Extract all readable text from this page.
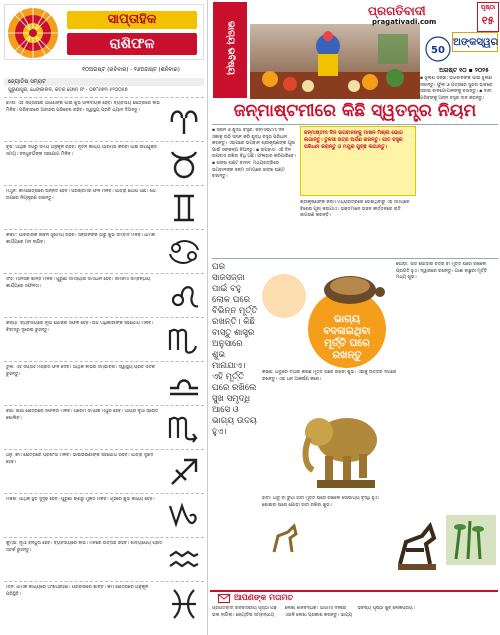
ସାପ୍ତାହିକ
ରାଶିଫଳ
୧୦ଅଗଷ୍ଟ (ରବିବାର) - ୧୬ଅଗଷ୍ଟ (ଶନିବାର)
ଜ୍ୟୋତିଷ ସମ୍ରାଟ
ପୁରୁଣାପୁର, ଧେଙ୍କାନାଳ, କଟକ ଫୋନ୍ ନଂ - ୦୭୮୫୭୩ ୫୨୦୦୫୭
ମେଷ: ଏହି ସପ୍ତାହରେ ଆପଣଙ୍କ ପାଇଁ ଶୁଭ ଫଳଦାୟକ ହେବ। ବ୍ୟବସାୟ କ୍ଷେତ୍ରରେ ଲାଭ ମିଳିବ। ପରିବାରରେ ଆନନ୍ଦର ପରିବେଶ ରହିବ। ସ୍ୱାସ୍ଥ୍ୟ ପ୍ରତି ଧ୍ୟାନ ଦିଅନ୍ତୁ।
ବୃଷ: ଆର୍ଥିକ ଦିଗରୁ ସମୟ ଅନୁକୂଳ ରହିବ। ନୂତନ କାର୍ଯ୍ୟ ଆରମ୍ଭ କରିବା ପାଇଁ ଉପଯୁକ୍ତ ସମୟ। ବନ୍ଧୁବର୍ଗଙ୍କ ସହଯୋଗ ମିଳିବ।
ମିଥୁନ: କର୍ମକ୍ଷେତ୍ରରେ ଉନ୍ନତି ହେବ। ପରିଶ୍ରମର ଫଳ ମିଳିବ। ଯାତ୍ରା ଯୋଗ ଅଛି। ଖର୍ଚ୍ଚ ଉପରେ ନିୟନ୍ତ୍ରଣ ରଖନ୍ତୁ।
କର୍କଟ: ପାରିବାରିକ ଜୀବନ ସୁଖମୟ ରହିବ। ସନ୍ତାନଙ୍କ ଠାରୁ ଶୁଭ ସମ୍ବାଦ ମିଳିବ। ଧାର୍ମିକ କାର୍ଯ୍ୟରେ ମନ ଲାଗିବ।
ସିଂହ: ମାନସିକ ଶାନ୍ତି ମିଳିବ। ପୁରୁଣା ସମସ୍ୟାର ସମାଧାନ ହେବ। ଜମିଜମା ସମ୍ବନ୍ଧୀୟ କାର୍ଯ୍ୟରେ ସଫଳତା।
କନ୍ୟା: ବ୍ୟବସାୟରେ ନୂଆ ଯୋଜନା ସଫଳ ହେବ। ଉଚ୍ଚ ଅଧିକାରୀଙ୍କ ସହଯୋଗ ମିଳିବ। ବିବାଦରୁ ଦୂରେଇ ରୁହନ୍ତୁ।
ତୁଳା: ଏହି ସପ୍ତାହ ମିଶ୍ରିତ ଫଳ ଦେବ। ଆର୍ଥିକ ଲାଭର ସମ୍ଭାବନା। ସ୍ୱାସ୍ଥ୍ୟ ପ୍ରତି ସତର୍କ ରୁହନ୍ତୁ।
ବିଛା: ଶିକ୍ଷା କ୍ଷେତ୍ରରେ ସଫଳତା ମିଳିବ। ପ୍ରେମ ସମ୍ପର୍କ ମଧୁର ହେବ। ଆୟର ନୂଆ ସ୍ରୋତ ଖୋଲିବ।
ଧନୁ: କର୍ମ କ୍ଷେତ୍ରରେ ପ୍ରଶଂସା ମିଳିବ। ଭାଇଭଉଣୀଙ୍କ ସହଯୋଗ ରହିବ। ଯାତ୍ରା ସୁଖଦ ହେବ।
ମକର: ଆର୍ଥିକ ସ୍ଥିତି ସୁଦୃଢ଼ ହେବ। ପୁରୁଣା ଋଣରୁ ମୁକ୍ତି ମିଳିବ। ଗୃହରେ ଶୁଭ କାର୍ଯ୍ୟ ହେବ।
କୁମ୍ଭ: ନୂଆ ବନ୍ଧୁତା ହେବ। ବ୍ୟବସାୟରେ ଲାଭ। ମନରେ ଉତ୍ସାହ ରହିବ। ଖାଦ୍ୟପେୟ ପ୍ରତି ସତର୍କ ରୁହନ୍ତୁ।
ମୀନ: ଧାର୍ମିକ କାର୍ଯ୍ୟରେ ଅଂଶଗ୍ରହଣ। ପରିବାରରେ ଶାନ୍ତି। କର୍ମ କ୍ଷେତ୍ରରେ ଅନୁକୂଳ ପରିସ୍ଥିତି।
ଭାଗ୍ୟ ଭବିଷ୍ୟ
ପ୍ରଗତିବାଦୀ
pragativadi.com
ପୃଷ୍ଠା
୧୫
50
ଅଙ୍କସ୍ୱର
ଅଗଷ୍ଟ ୧୦ ▪ ୨୦୨୫
ଜନ୍ମାଷ୍ଟମୀରେ କିଛି ସ୍ୱତନ୍ତ୍ର ନିୟମ
▪ ସ୍ନାନ ଓ ଶୁଦ୍ଧ ବସ୍ତ୍ର: ଜନ୍ମାଷ୍ଟମୀ ଦିନ ସକାଳୁ ଉଠି ସ୍ନାନ କରି ଶୁଦ୍ଧ ବସ୍ତ୍ର ପରିଧାନ କରନ୍ତୁ। ଏହାପରେ ଭଗବାନ ଶ୍ରୀକୃଷ୍ଣଙ୍କ ପୂଜା ପାଇଁ ସଙ୍କଳ୍ପ ନିଅନ୍ତୁ। ▪ ଉପବାସ: ଏହି ଦିନ ଉପବାସ ରଖିବା ବିଧି ଅଛି। ଫଳାହାର କରିପାରିବେ। ▪ ଶଙ୍ଖ ଘଣ୍ଟ ବାଦନ: ମଧ୍ୟରାତ୍ରିରେ ଭଗବାନଙ୍କ ଜନ୍ମ ସମୟରେ ଶଙ୍ଖ ଘଣ୍ଟ ବଜାନ୍ତୁ।
ଜନ୍ମାଷ୍ଟମୀ ଦିନ ଭଗବାନଙ୍କୁ ମାଖନ ମିଶ୍ରୀ ଭୋଗ ଲଗାନ୍ତୁ। ତୁଳସୀ ପତ୍ର ଅର୍ପଣ କରନ୍ତୁ। ପୀତ ବସ୍ତ୍ର ପରିଧାନ କରାନ୍ତୁ ଓ ମୟୂର ପୁଚ୍ଛ ଲଗାନ୍ତୁ।
ଶ୍ରୀକୃଷ୍ଣଙ୍କ ଜନ୍ମ ମଧ୍ୟରାତ୍ରିରେ ହୋଇଥିବାରୁ ଏହି ସମୟରେ ବିଶେଷ ପୂଜା କରାଯାଏ। ଭକ୍ତମାନେ ଭଜନ କୀର୍ତ୍ତନରେ ରାତି ଜାଗରଣ କରନ୍ତି।
▪ ଝୁଲଣ ସଜ୍ଜା: ଭଗବାନଙ୍କ ପାଇଁ ଝୁଲଣ ସଜାନ୍ତୁ। ଫୁଲ ଓ ପତ୍ରରେ ସୁନ୍ଦର ଭାବରେ ସଜାଇ ବାଳଗୋପାଳଙ୍କୁ ବସାନ୍ତୁ। ▪ ଦାନ: ଗରିବଙ୍କୁ ଅନ୍ନ ବସ୍ତ୍ର ଦାନ କରନ୍ତୁ।
ଘର ସାଜସଜ୍ଜା ପାଇଁ ବହୁ ଲୋକ ଘରେ ବିଭିନ୍ନ ମୂର୍ତ୍ତି ରଖନ୍ତି। କିଛି ବାସ୍ତୁ ଶାସ୍ତ୍ର ଅନୁସାରେ ଶୁଭ ମାନାଯାଏ। ଏହି ମୂର୍ତ୍ତି ଘରେ ରଖିଲେ ସୁଖ ସମୃଦ୍ଧି ଆସେ ଓ ଭାଗ୍ୟ ଉଦୟ ହୁଏ।
ଭାଗ୍ୟ ବଦଳାଇଥିବା ମୂର୍ତ୍ତି ଘରେ ରଖନ୍ତୁ
କଇଁଛ: ଧାତୁରେ ତିଆରି କଇଁଛ ମୂର୍ତ୍ତି ଘରେ ରଖିବା ଶୁଭ। ଏହାକୁ ଉତ୍ତର ଦିଗରେ ରଖନ୍ତୁ। ଏହା ଧନ ଆକର୍ଷଣ କରେ।
ହାତୀ: ଧାତୁ ବା ରୁପା ହାତୀ ମୂର୍ତ୍ତି ଘରେ ରଖିଲେ ସୌଭାଗ୍ୟ ବୃଦ୍ଧି ହୁଏ। ଶୋଇବା ଘରେ ଯୋଡ଼ା ହାତୀ ରଖିବା ଶୁଭ।
ଘୋଡ଼ା: ସାତ ଘୋଡ଼ାର ଚିତ୍ର ବା ମୂର୍ତ୍ତି ଘରେ ରଖିଲେ ପ୍ରଗତି ହୁଏ। ଦ୍ୱାରରେ ରଖନ୍ତୁ। ଗାଈ ବାଛୁରୀ ମୂର୍ତ୍ତି ମଧ୍ୟ ଶୁଭ।
ଆପଣଙ୍କ ମତାମତ
ପ୍ରଗତିବାଦୀ ରବିବାସରୀୟ ପୃଷ୍ଠା ପଢ଼ି ଭଲ ଲାଗିଲା। ଜ୍ୟୋତିଷ ସମ୍ବନ୍ଧୀୟ ଲେଖା ଜ୍ଞାନବର୍ଦ୍ଧକ। ଆଗାମୀ ଦିନରେ ଏଭଳି ଲେଖା ପ୍ରକାଶ କରନ୍ତୁ। ଭାଗ୍ୟ ଭବିଷ୍ୟ ପୃଷ୍ଠା ଖୁବ୍ ଲୋକପ୍ରିୟ।
